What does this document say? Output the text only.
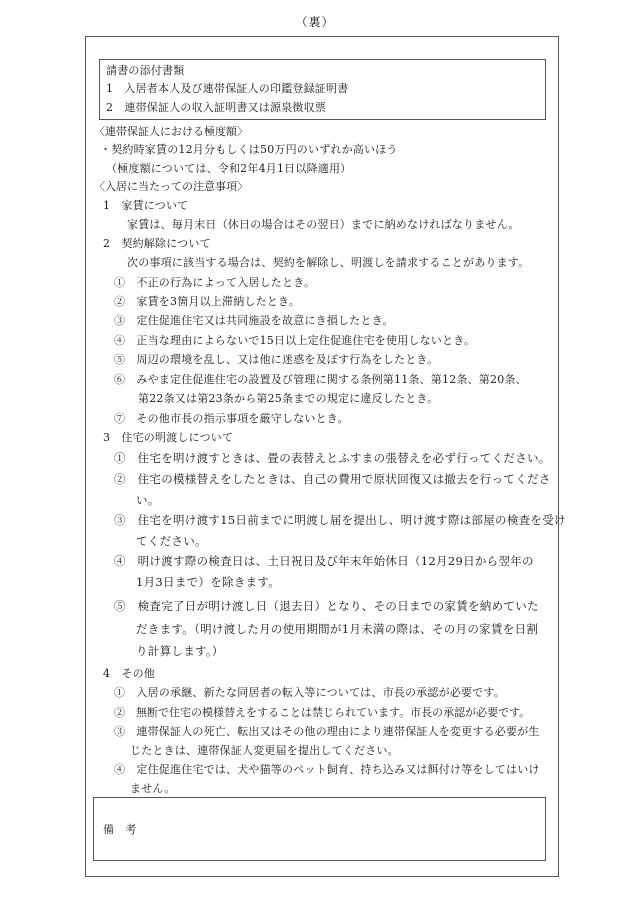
（裏）
請書の添付書類
1　入居者本人及び連帯保証人の印鑑登録証明書
2　連帯保証人の収入証明書又は源泉徴収票
〈連帯保証人における極度額〉
・契約時家賃の12月分もしくは50万円のいずれか高いほう
（極度額については、令和2年4月1日以降適用）
〈入居に当たっての注意事項〉
1　家賃について
家賃は、毎月末日（休日の場合はその翌日）までに納めなければなりません。
2　契約解除について
次の事項に該当する場合は、契約を解除し、明渡しを請求することがあります。
①　不正の行為によって入居したとき。
②　家賃を3箇月以上滞納したとき。
③　定住促進住宅又は共同施設を故意にき損したとき。
④　正当な理由によらないで15日以上定住促進住宅を使用しないとき。
⑤　周辺の環境を乱し、又は他に迷惑を及ぼす行為をしたとき。
⑥　みやま定住促進住宅の設置及び管理に関する条例第11条、第12条、第20条、
第22条又は第23条から第25条までの規定に違反したとき。
⑦　その他市長の指示事項を厳守しないとき。
3　住宅の明渡しについて
①　住宅を明け渡すときは、畳の表替えとふすまの張替えを必ず行ってください。
②　住宅の模様替えをしたときは、自己の費用で原状回復又は撤去を行ってくださ
い。
③　住宅を明け渡す15日前までに明渡し届を提出し、明け渡す際は部屋の検査を受け
てください。
④　明け渡す際の検査日は、土日祝日及び年末年始休日（12月29日から翌年の
1月3日まで）を除きます。
⑤　検査完了日が明け渡し日（退去日）となり、その日までの家賃を納めていた
だきます。（明け渡した月の使用期間が1月未満の際は、その月の家賃を日割
り計算します。）
4　その他
①　入居の承継、新たな同居者の転入等については、市長の承認が必要です。
②　無断で住宅の模様替えをすることは禁じられています。市長の承認が必要です。
③　連帯保証人の死亡、転出又はその他の理由により連帯保証人を変更する必要が生
じたときは、連帯保証人変更届を提出してください。
④　定住促進住宅では、犬や猫等のペット飼育、持ち込み又は餌付け等をしてはいけ
ません。
備　考
